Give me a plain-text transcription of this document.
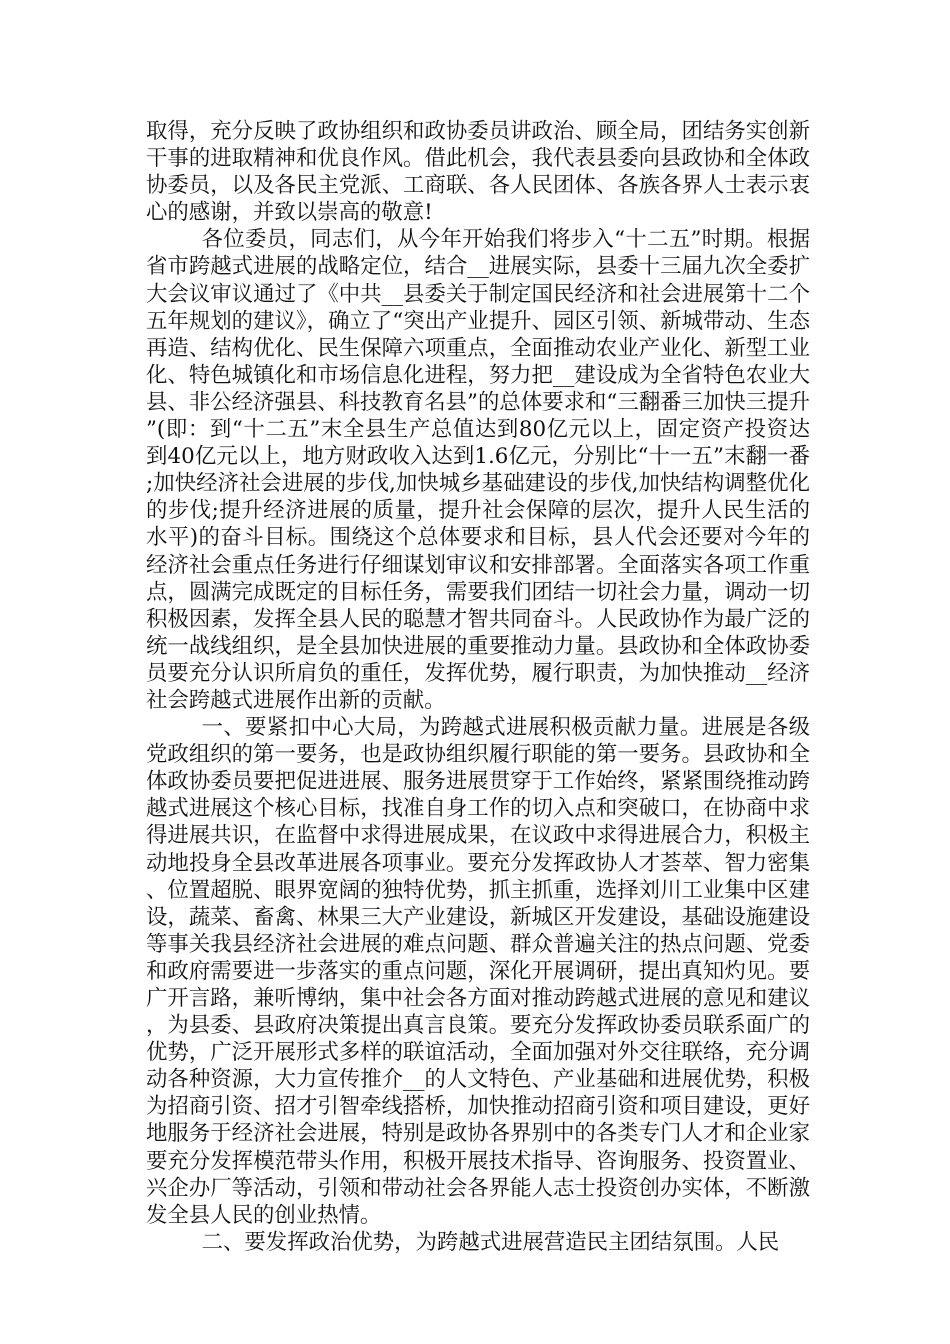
取得，充分反映了政协组织和政协委员讲政治、顾全局，团结务实创新干事的进取精神和优良作风。借此机会，我代表县委向县政协和全体政协委员，以及各民主党派、工商联、各人民团体、各族各界人士表示衷心的感谢，并致以崇高的敬意!

各位委员，同志们，从今年开始我们将步入“十二五”时期。根据省市跨越式进展的战略定位，结合__进展实际，县委十三届九次全委扩大会议审议通过了《中共__县委关于制定国民经济和社会进展第十二个五年规划的建议》，确立了“突出产业提升、园区引领、新城带动、生态再造、结构优化、民生保障六项重点，全面推动农业产业化、新型工业化、特色城镇化和市场信息化进程，努力把__建设成为全省特色农业大县、非公经济强县、科技教育名县”的总体要求和“三翻番三加快三提升”(即：到“十二五”末全县生产总值达到80亿元以上，固定资产投资达到40亿元以上，地方财政收入达到1.6亿元，分别比“十一五”末翻一番;加快经济社会进展的步伐,加快城乡基础建设的步伐,加快结构调整优化的步伐;提升经济进展的质量，提升社会保障的层次，提升人民生活的水平)的奋斗目标。围绕这个总体要求和目标，县人代会还要对今年的经济社会重点任务进行仔细谋划审议和安排部署。全面落实各项工作重点，圆满完成既定的目标任务，需要我们团结一切社会力量，调动一切积极因素，发挥全县人民的聪慧才智共同奋斗。人民政协作为最广泛的统一战线组织，是全县加快进展的重要推动力量。县政协和全体政协委员要充分认识所肩负的重任，发挥优势，履行职责，为加快推动__经济社会跨越式进展作出新的贡献。

一、要紧扣中心大局，为跨越式进展积极贡献力量。进展是各级党政组织的第一要务，也是政协组织履行职能的第一要务。县政协和全体政协委员要把促进进展、服务进展贯穿于工作始终，紧紧围绕推动跨越式进展这个核心目标，找准自身工作的切入点和突破口，在协商中求得进展共识，在监督中求得进展成果，在议政中求得进展合力，积极主动地投身全县改革进展各项事业。要充分发挥政协人才荟萃、智力密集、位置超脱、眼界宽阔的独特优势，抓主抓重，选择刘川工业集中区建设，蔬菜、畜禽、林果三大产业建设，新城区开发建设，基础设施建设等事关我县经济社会进展的难点问题、群众普遍关注的热点问题、党委和政府需要进一步落实的重点问题，深化开展调研，提出真知灼见。要广开言路，兼听博纳，集中社会各方面对推动跨越式进展的意见和建议，为县委、县政府决策提出真言良策。要充分发挥政协委员联系面广的优势，广泛开展形式多样的联谊活动，全面加强对外交往联络，充分调动各种资源，大力宣传推介__的人文特色、产业基础和进展优势，积极为招商引资、招才引智牵线搭桥，加快推动招商引资和项目建设，更好地服务于经济社会进展，特别是政协各界别中的各类专门人才和企业家要充分发挥模范带头作用，积极开展技术指导、咨询服务、投资置业、兴企办厂等活动，引领和带动社会各界能人志士投资创办实体，不断激发全县人民的创业热情。

二、要发挥政治优势，为跨越式进展营造民主团结氛围。人民
